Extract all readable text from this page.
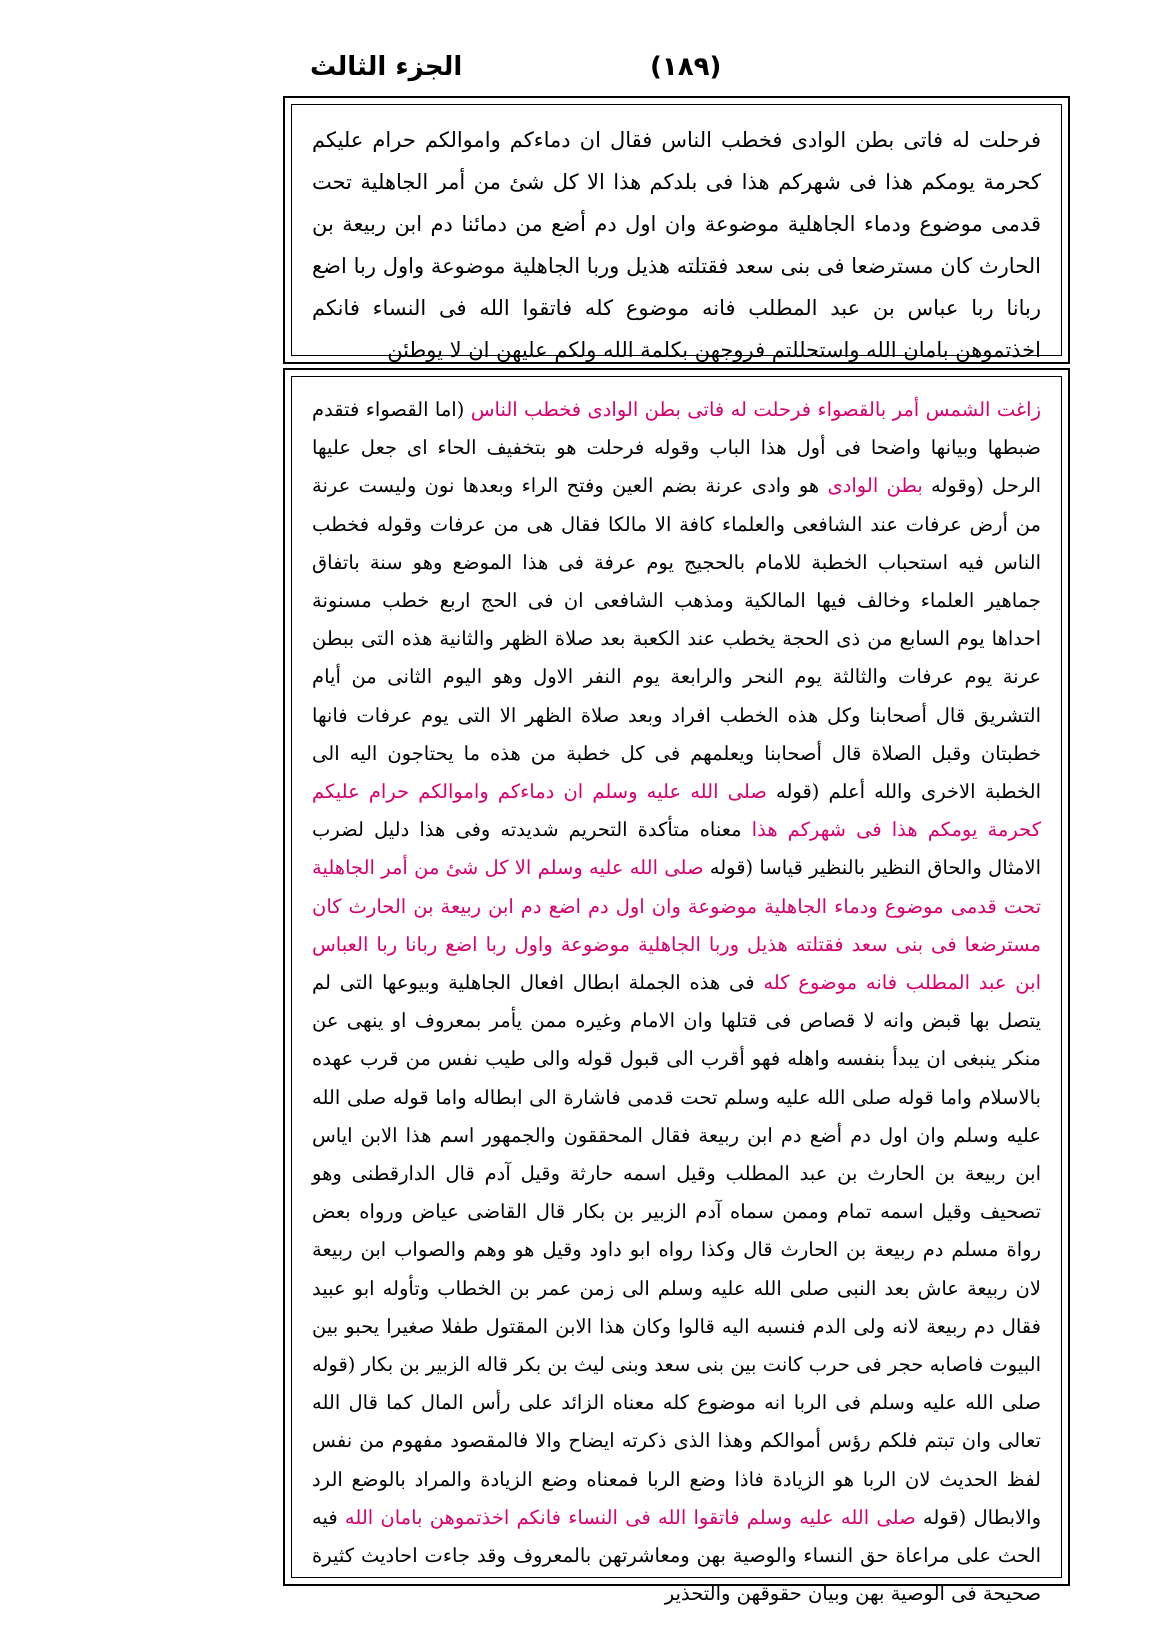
الجزء الثالث	(١٨٩)
فرحلت له فاتى بطن الوادى فخطب الناس فقال ان دماءكم واموالكم حرام عليكم كحرمة يومكم هذا فى شهركم هذا فى بلدكم هذا الا كل شئ من أمر الجاهلية تحت قدمى موضوع ودماء الجاهلية موضوعة وان اول دم أضع من دمائنا دم ابن ربيعة بن الحارث كان مسترضعا فى بنى سعد فقتلته هذيل وربا الجاهلية موضوعة واول ربا اضع ربانا ربا عباس بن عبد المطلب فانه موضوع كله فاتقوا الله فى النساء فانكم اخذتموهن بامان الله واستحللتم فروجهن بكلمة الله ولكم عليهن ان لا يوطئن
زاغت الشمس أمر بالقصواء فرحلت له فاتى بطن الوادى فخطب الناس (اما القصواء فتقدم ضبطها وبيانها واضحا فى أول هذا الباب وقوله فرحلت هو بتخفيف الحاء اى جعل عليها الرحل (وقوله بطن الوادى هو وادى عرنة بضم العين وفتح الراء وبعدها نون وليست عرنة من أرض عرفات عند الشافعى والعلماء كافة الا مالكا فقال هى من عرفات وقوله فخطب الناس فيه استحباب الخطبة للامام بالحجيج يوم عرفة فى هذا الموضع وهو سنة باتفاق جماهير العلماء وخالف فيها المالكية ومذهب الشافعى ان فى الحج اربع خطب مسنونة احداها يوم السابع من ذى الحجة يخطب عند الكعبة بعد صلاة الظهر والثانية هذه التى ببطن عرنة يوم عرفات والثالثة يوم النحر والرابعة يوم النفر الاول وهو اليوم الثانى من أيام التشريق قال أصحابنا وكل هذه الخطب افراد وبعد صلاة الظهر الا التى يوم عرفات فانها خطبتان وقبل الصلاة قال أصحابنا ويعلمهم فى كل خطبة من هذه ما يحتاجون اليه الى الخطبة الاخرى والله أعلم (قوله صلى الله عليه وسلم ان دماءكم واموالكم حرام عليكم كحرمة يومكم هذا فى شهركم هذا معناه متأكدة التحريم شديدته وفى هذا دليل لضرب الامثال والحاق النظير بالنظير قياسا (قوله صلى الله عليه وسلم الا كل شئ من أمر الجاهلية تحت قدمى موضوع ودماء الجاهلية موضوعة وان اول دم اضع دم ابن ربيعة بن الحارث كان مسترضعا فى بنى سعد فقتلته هذيل وربا الجاهلية موضوعة واول ربا اضع ربانا ربا العباس ابن عبد المطلب فانه موضوع كله فى هذه الجملة ابطال افعال الجاهلية وبيوعها التى لم يتصل بها قبض وانه لا قصاص فى قتلها وان الامام وغيره ممن يأمر بمعروف او ينهى عن منكر ينبغى ان يبدأ بنفسه واهله فهو أقرب الى قبول قوله والى طيب نفس من قرب عهده بالاسلام واما قوله صلى الله عليه وسلم تحت قدمى فاشارة الى ابطاله واما قوله صلى الله عليه وسلم وان اول دم أضع دم ابن ربيعة فقال المحققون والجمهور اسم هذا الابن اياس ابن ربيعة بن الحارث بن عبد المطلب وقيل اسمه حارثة وقيل آدم قال الدارقطنى وهو تصحيف وقيل اسمه تمام وممن سماه آدم الزبير بن بكار قال القاضى عياض ورواه بعض رواة مسلم دم ربيعة بن الحارث قال وكذا رواه ابو داود وقيل هو وهم والصواب ابن ربيعة لان ربيعة عاش بعد النبى صلى الله عليه وسلم الى زمن عمر بن الخطاب وتأوله ابو عبيد فقال دم ربيعة لانه ولى الدم فنسبه اليه قالوا وكان هذا الابن المقتول طفلا صغيرا يحبو بين البيوت فاصابه حجر فى حرب كانت بين بنى سعد وبنى ليث بن بكر قاله الزبير بن بكار (قوله صلى الله عليه وسلم فى الربا انه موضوع كله معناه الزائد على رأس المال كما قال الله تعالى وان تبتم فلكم رؤس أموالكم وهذا الذى ذكرته ايضاح والا فالمقصود مفهوم من نفس لفظ الحديث لان الربا هو الزيادة فاذا وضع الربا فمعناه وضع الزيادة والمراد بالوضع الرد والابطال (قوله صلى الله عليه وسلم فاتقوا الله فى النساء فانكم اخذتموهن بامان الله فيه الحث على مراعاة حق النساء والوصية بهن ومعاشرتهن بالمعروف وقد جاءت احاديث كثيرة صحيحة فى الوصية بهن وبيان حقوقهن والتحذير
